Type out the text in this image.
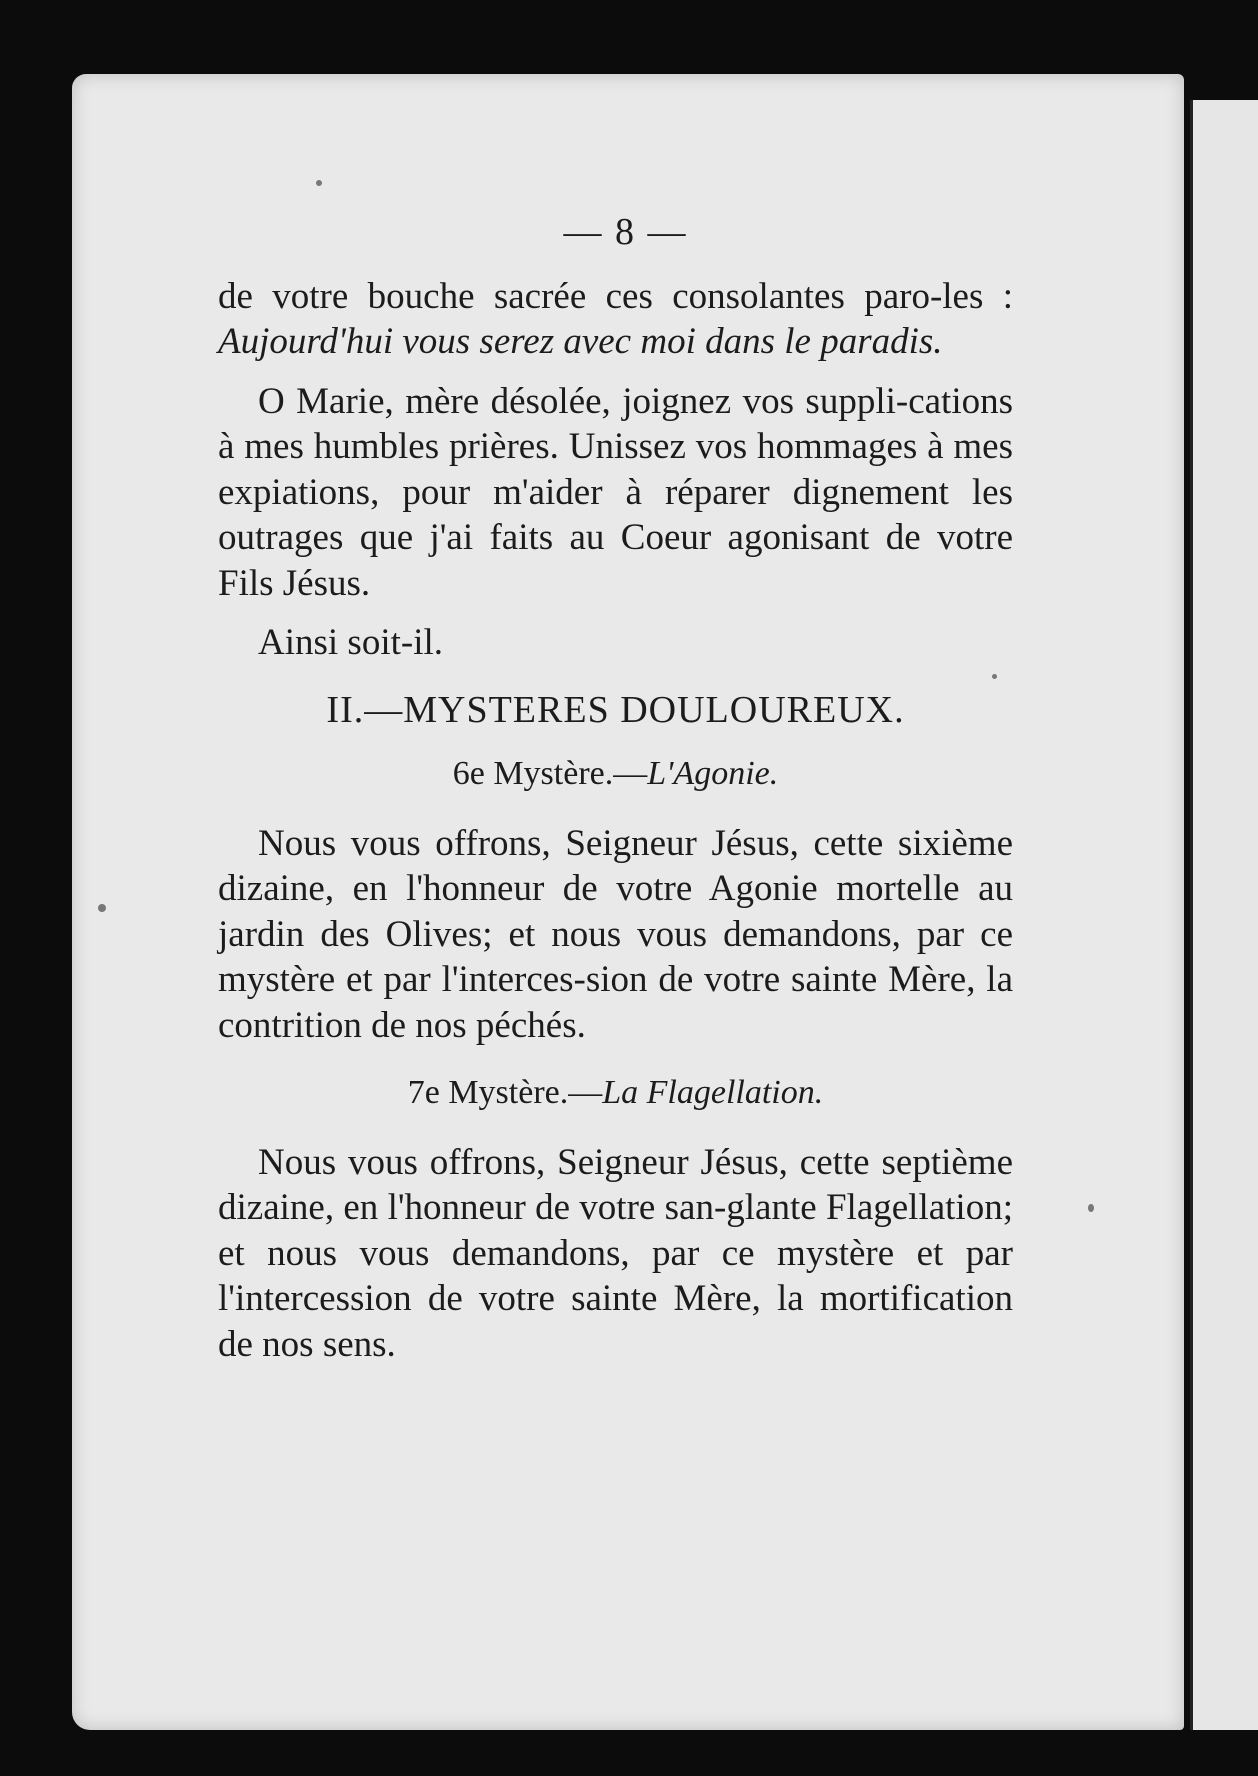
— 8 —

de votre bouche sacrée ces consolantes paro-les : Aujourd'hui vous serez avec moi dans le paradis.

O Marie, mère désolée, joignez vos suppli-cations à mes humbles prières. Unissez vos hommages à mes expiations, pour m'aider à réparer dignement les outrages que j'ai faits au Coeur agonisant de votre Fils Jésus.

Ainsi soit-il.

II.—MYSTERES DOULOUREUX.
6e Mystère.—L'Agonie.

Nous vous offrons, Seigneur Jésus, cette sixième dizaine, en l'honneur de votre Agonie mortelle au jardin des Olives; et nous vous demandons, par ce mystère et par l'interces-sion de votre sainte Mère, la contrition de nos péchés.

7e Mystère.—La Flagellation.

Nous vous offrons, Seigneur Jésus, cette septième dizaine, en l'honneur de votre san-glante Flagellation; et nous vous demandons, par ce mystère et par l'intercession de votre sainte Mère, la mortification de nos sens.
